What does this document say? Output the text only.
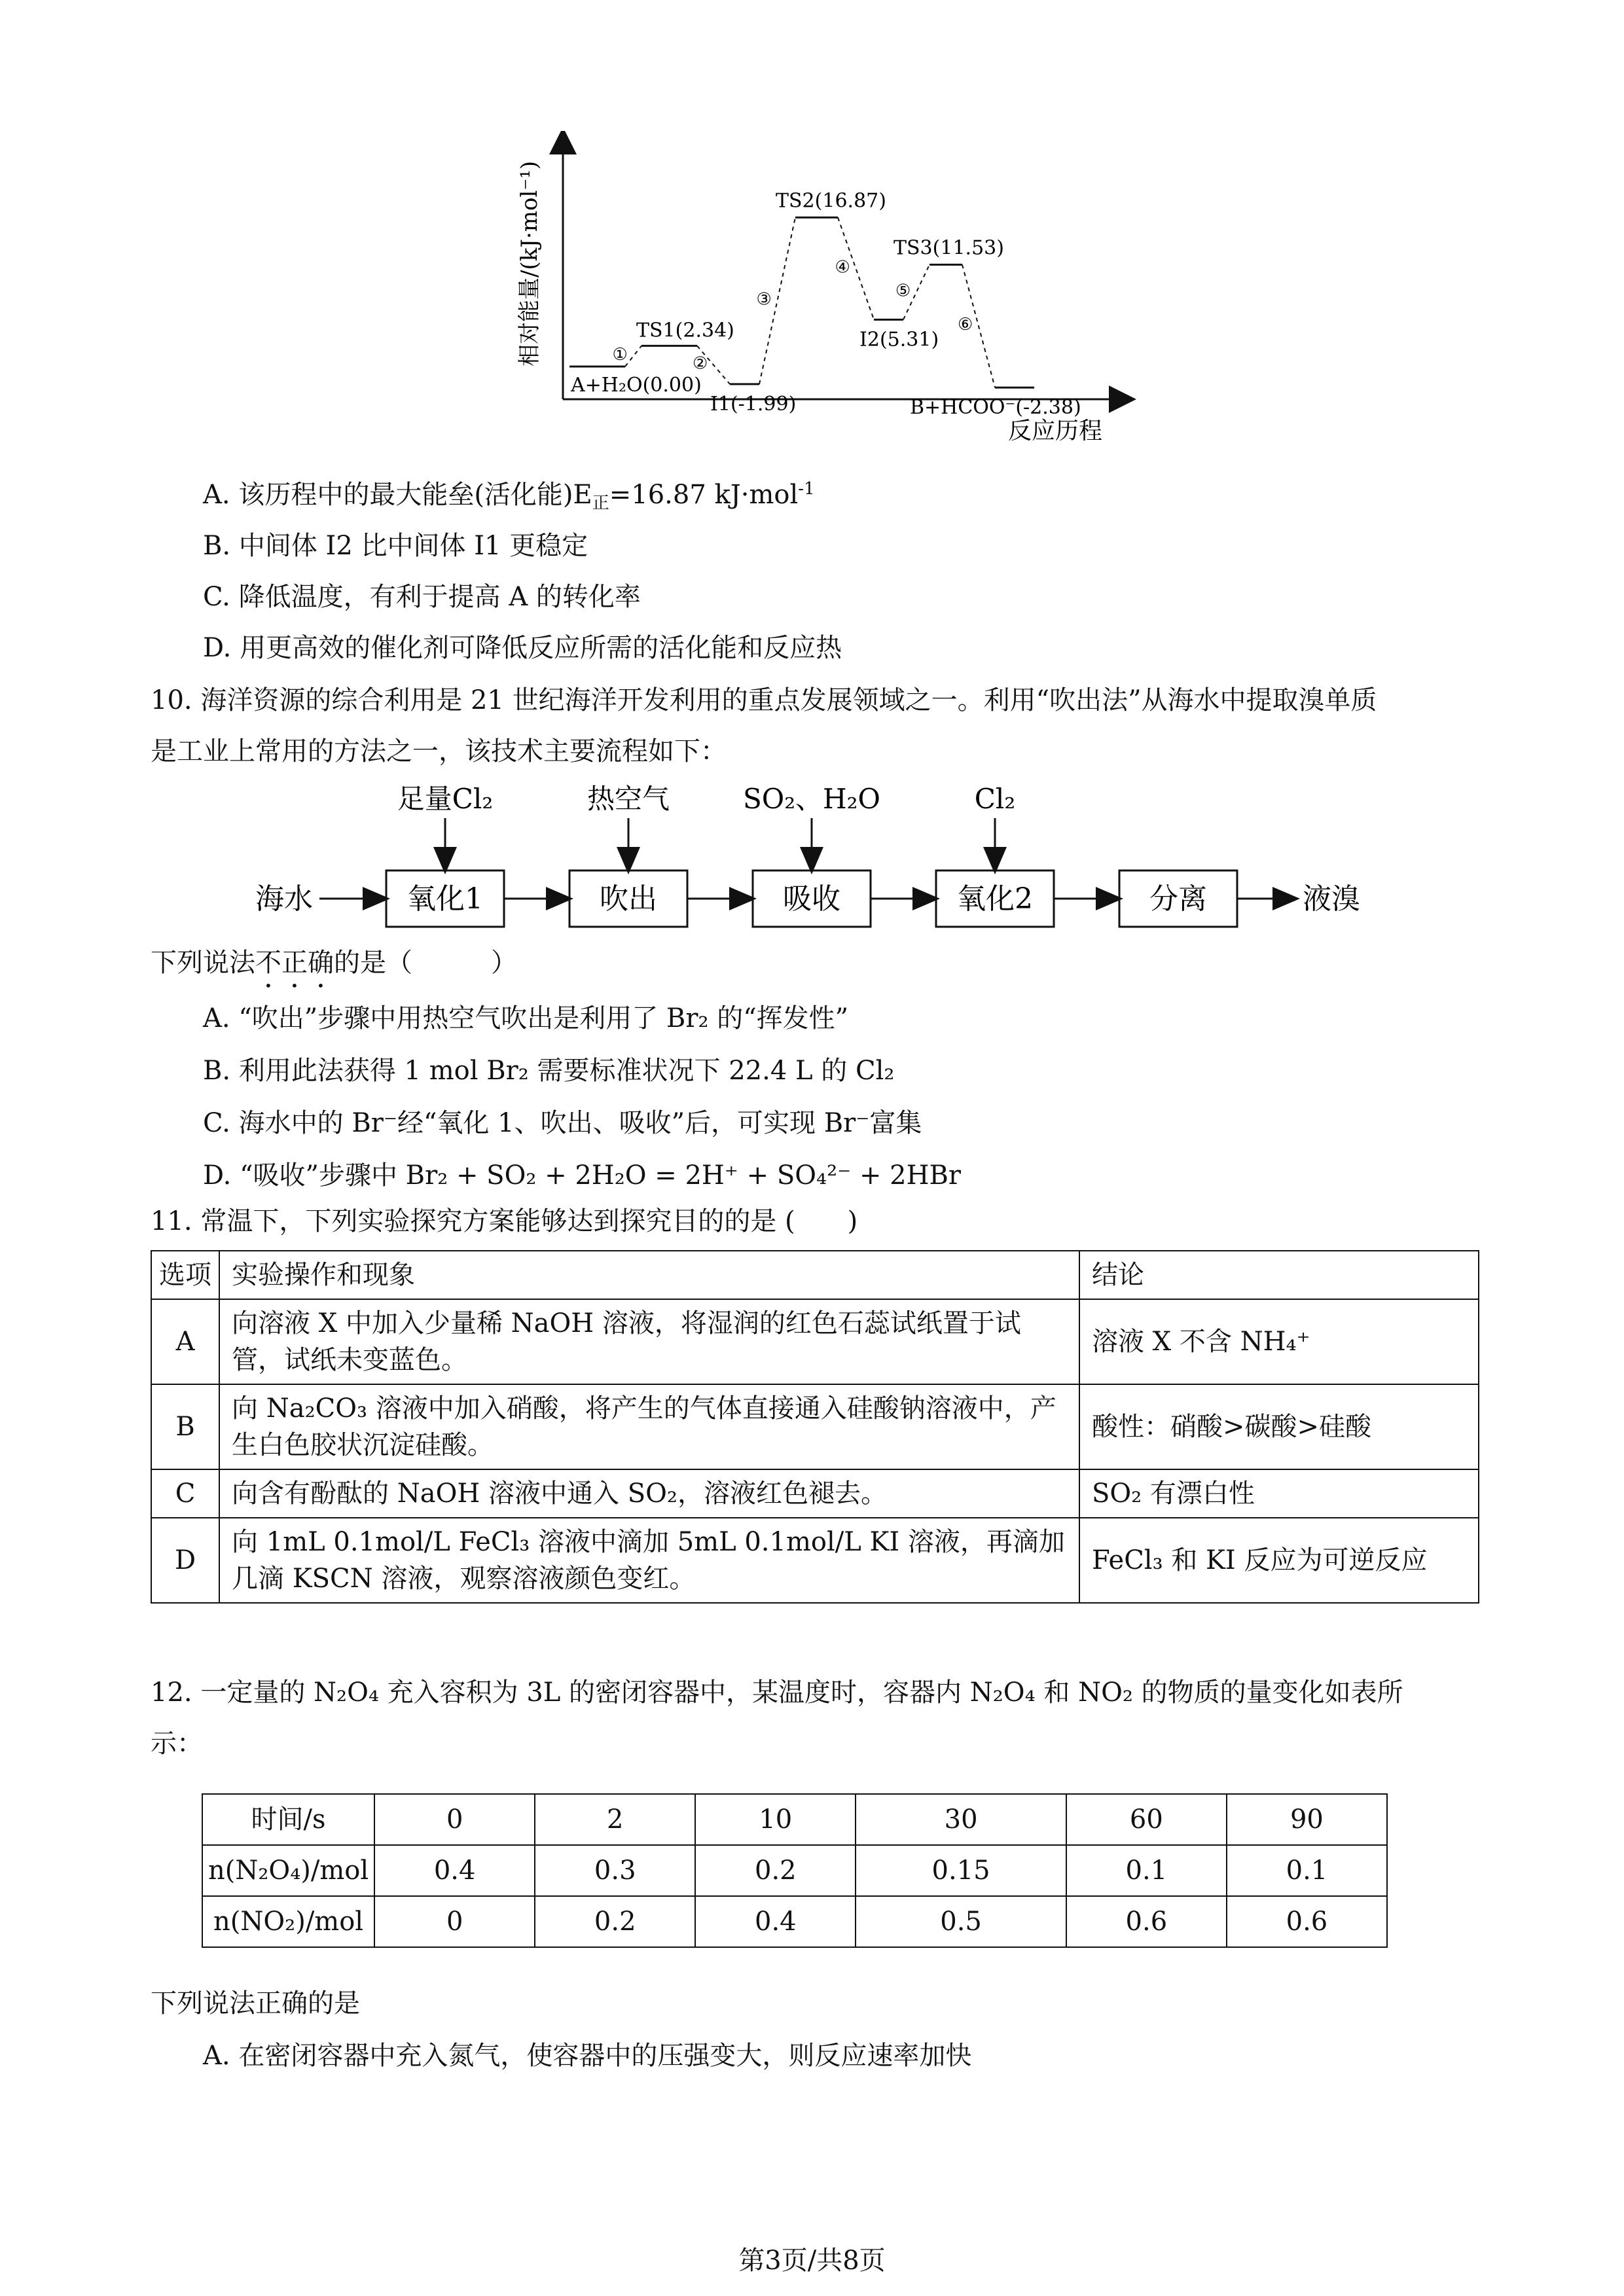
相对能量/(kJ·mol⁻¹)
反应历程
A+H₂O(0.00)
①
TS1(2.34)
②
I1(-1.99)
③
TS2(16.87)
④
I2(5.31)
⑤
TS3(11.53)
⑥
B+HCOO⁻(-2.38)
A. 该历程中的最大能垒(活化能)$E_正=16.87$ kJ·mol$^{-1}$
B. 中间体 I2 比中间体 I1 更稳定
C. 降低温度，有利于提高 A 的转化率
D. 用更高效的催化剂可降低反应所需的活化能和反应热
10. 海洋资源的综合利用是 21 世纪海洋开发利用的重点发展领域之一。利用“吹出法”从海水中提取溴单质
是工业上常用的方法之一，该技术主要流程如下：
海水	氧化1
足量Cl₂
吹出
热空气
吸收
SO₂、H₂O
氧化2
Cl₂
分离	液溴
下列说法不正确的是（　　　）
A. “吹出”步骤中用热空气吹出是利用了 Br₂ 的“挥发性”
B. 利用此法获得 1 mol Br₂ 需要标准状况下 22.4 L 的 Cl₂
C. 海水中的 Br⁻经“氧化 1、吹出、吸收”后，可实现 Br⁻富集
D. “吸收”步骤中 Br₂ + SO₂ + 2H₂O = 2H⁺ + SO₄²⁻ + 2HBr
11. 常温下，下列实验探究方案能够达到探究目的的是 (　　)
选项	实验操作和现象	结论
A	向溶液 X 中加入少量稀 NaOH 溶液，将湿润的红色石蕊试纸置于试管，试纸未变蓝色。	溶液 X 不含 NH₄⁺
B	向 Na₂CO₃ 溶液中加入硝酸，将产生的气体直接通入硅酸钠溶液中，产生白色胶状沉淀硅酸。	酸性：硝酸>碳酸>硅酸
C	向含有酚酞的 NaOH 溶液中通入 SO₂，溶液红色褪去。	SO₂ 有漂白性
D	向 1mL 0.1mol/L FeCl₃ 溶液中滴加 5mL 0.1mol/L KI 溶液，再滴加几滴 KSCN 溶液，观察溶液颜色变红。	FeCl₃ 和 KI 反应为可逆反应
12. 一定量的 N₂O₄ 充入容积为 3L 的密闭容器中，某温度时，容器内 N₂O₄ 和 NO₂ 的物质的量变化如表所
示：
时间/s	0	2	10	30	60	90
n(N₂O₄)/mol	0.4	0.3	0.2	0.15	0.1	0.1
n(NO₂)/mol	0	0.2	0.4	0.5	0.6	0.6
下列说法正确的是
A. 在密闭容器中充入氮气，使容器中的压强变大，则反应速率加快
第3页/共8页
